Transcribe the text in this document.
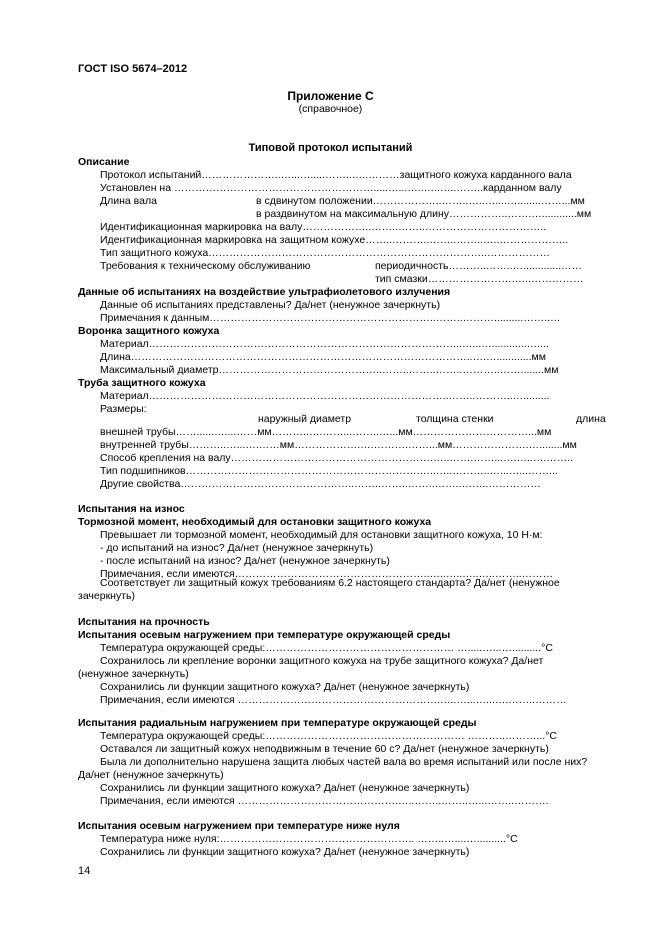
ГОСТ ISO 5674–2012
Приложение С
(справочное)
Типовой протокол испытаний
Описание
Протокол испытаний…………………..…...….....……..…..………защитного кожуха карданного вала
Установлен на ………………………………………………….....…...…..…..…..……..карданном валу
Длина вала	в сдвинутом положении………………..……..…..…....…........……...мм
в раздвинутом на максимальную длину……………..…….…............мм
Идентификационная маркировка на валу………………..……..……..……………………………..
Идентификационная маркировка на защитном кожухе……..………..……..……..…..………………..
Тип защитного кожуха……………………………………………………………………..………………
Требования к техническому обслуживанию	периодичность………..……..….............……
тип смазки…………………….…..……………
Данные об испытаниях на воздействие ультрафиолетового излучения
Данные об испытаниях представлены? Да/нет (ненужное зачеркнуть)
Примечания к данным………………………………………………………..……..………..........……..…
Воронка защитного кожуха
Материал……………………………………………………………………………...…...…............…....
Длина……………………………………………………………………………………..….…............мм
Максимальный диаметр………………………………………..……..……..……..………..……........мм
Труба защитного кожуха
Материал…………………………………………………………………………..……..………..….........
Размеры:
наружный диаметр	толщина стенки	длина
внешней трубы……......…....……мм………..….……...……..…...мм……………………………...мм
внутренней трубы………..…...….……мм……………….….……….……...мм………………….…........мм
Способ крепления на валу………………………………………………….…..…….……...….…..….……..
Тип подшипников………………………………………………………….…..…..………..…...…...……...
Другие свойства…………………………………………..……..……..……..……..……..……………
Испытания на износ
Тормозной момент, необходимый для остановки защитного кожуха
Превышает ли тормозной момент, необходимый для остановки защитного кожуха, 10 Н·м:
- до испытаний на износ? Да/нет (ненужное зачеркнуть)
- после испытаний на износ? Да/нет (ненужное зачеркнуть)
Примечания, если имеются………………………………………………..…..…..…..…..……..………
Соответствует ли защитный кожух требованиям 6.2 настоящего стандарта? Да/нет (ненужное
зачеркнуть)
Испытания на прочность
Испытания осевым нагружением при температуре окружающей среды
Температура окружающей среды:……………………………………………… ….....…...…..........°С
Сохранилось ли крепление воронки защитного кожуха на трубе защитного кожуха? Да/нет
(ненужное зачеркнуть)
Сохранились ли функции защитного кожуха? Да/нет (ненужное зачеркнуть)
Примечания, если имеются ………………………………………………….…..…...…...….……..………
Испытания радиальным нагружением при температуре окружающей среды
Температура окружающей среды:………………………………………………… ………..………...°С
Оставался ли защитный кожух неподвижным в течение 60 с? Да/нет (ненужное зачеркнуть)
Была ли дополнительно нарушена защита любых частей вала во время испытаний или после них?
Да/нет (ненужное зачеркнуть)
Сохранились ли функции защитного кожуха? Да/нет (ненужное зачеркнуть)
Примечания, если имеются ……………………………………….…..……..……..…...……..……….
Испытания осевым нагружением при температуре ниже нуля
Температура ниже нуля:……………………………………………….. ……..…....…..........°С
Сохранились ли функции защитного кожуха? Да/нет (ненужное зачеркнуть)
14
